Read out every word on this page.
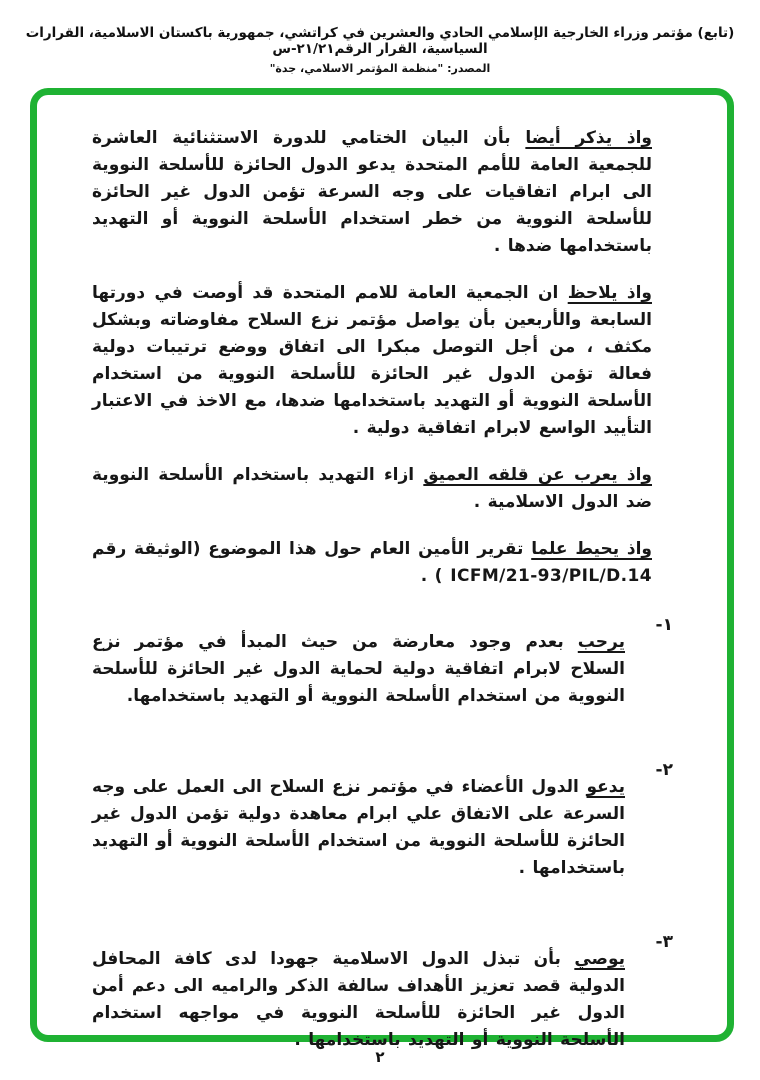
(تابع) مؤتمر وزراء الخارجية الإسلامي الحادي والعشرين في كراتشي، جمهورية باكستان الاسلامية، القرارات السياسية، القرار الرقم٢١/٢١-س
المصدر: "منظمة المؤتمر الاسلامي، جدة"

واذ يذكر أيضا بأن البيان الختامي للدورة الاستثنائية العاشرة للجمعية العامة للأمم المتحدة يدعو الدول الحائزة للأسلحة النووية الى ابرام اتفاقيات على وجه السرعة تؤمن الدول غير الحائزة للأسلحة النووية من خطر استخدام الأسلحة النووية أو التهديد باستخدامها ضدها .

واذ يلاحظ ان الجمعية العامة للامم المتحدة قد أوصت في دورتها السابعة والأربعين بأن يواصل مؤتمر نزع السلاح مفاوضاته وبشكل مكثف ، من أجل التوصل مبكرا الى اتفاق ووضع ترتيبات دولية فعالة تؤمن الدول غير الحائزة للأسلحة النووية من استخدام الأسلحة النووية أو التهديد باستخدامها ضدها، مع الاخذ في الاعتبار التأييد الواسع لابرام اتفاقية دولية .

واذ يعرب عن قلقه العميق ازاء التهديد باستخدام الأسلحة النووية ضد الدول الاسلامية .

واذ يحيط علما تقرير الأمين العام حول هذا الموضوع (الوثيقة رقم ICFM/21-93/PIL/D.14 ) .

١-

يرحب بعدم وجود معارضة من حيث المبدأ في مؤتمر نزع السلاح لابرام اتفاقية دولية لحماية الدول غير الحائزة للأسلحة النووية من استخدام الأسلحة النووية أو التهديد باستخدامها.

٢-

يدعو الدول الأعضاء في مؤتمر نزع السلاح الى العمل على وجه السرعة على الاتفاق علي ابرام معاهدة دولية تؤمن الدول غير الحائزة للأسلحة النووية من استخدام الأسلحة النووية أو التهديد باستخدامها .

٣-

يوصي بأن تبذل الدول الاسلامية جهودا لدى كافة المحافل الدولية قصد تعزيز الأهداف سالفة الذكر والراميه الى دعم أمن الدول غير الحائزة للأسلحة النووية في مواجهه استخدام الأسلحة النووية أو التهديد باستخدامها .

٢
